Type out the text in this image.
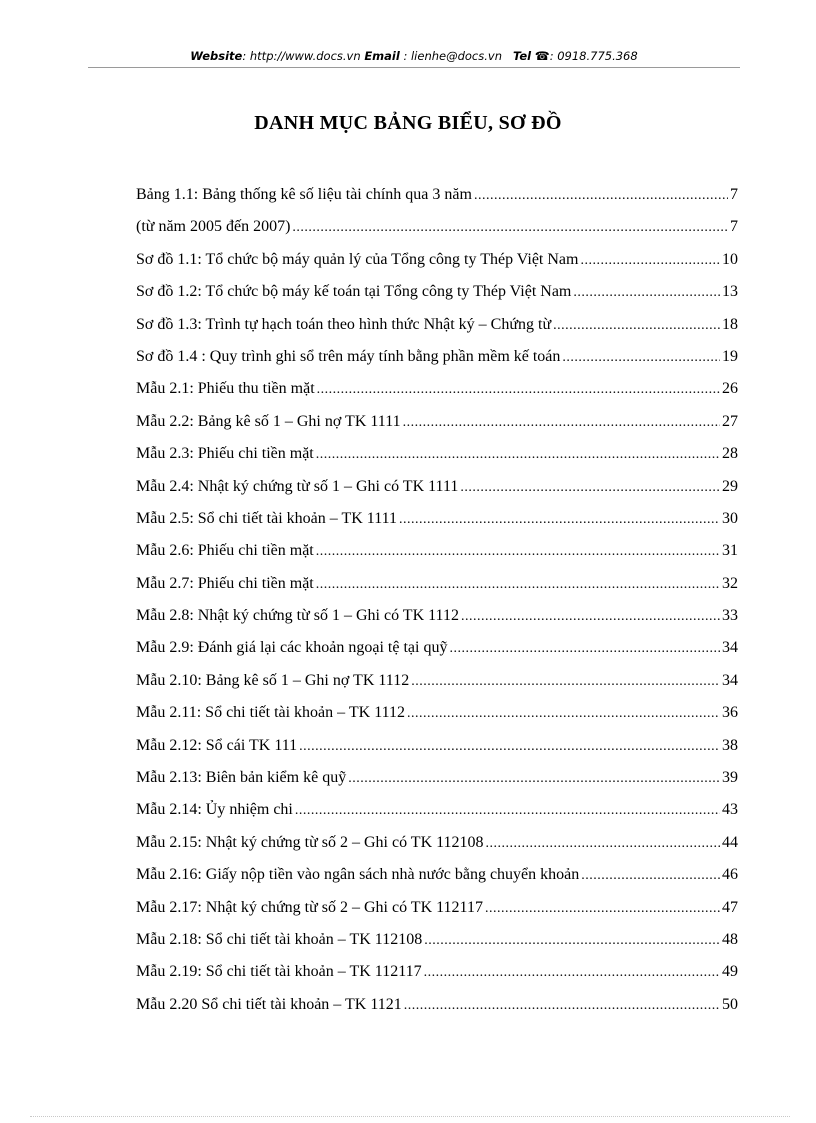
Website: http://www.docs.vn Email : lienhe@docs.vn Tel ☎: 0918.775.368
DANH MỤC BẢNG BIỂU, SƠ ĐỒ
Bảng 1.1: Bảng thống kê số liệu tài chính qua 3 năm .....	7
(từ năm 2005 đến 2007) .....	7
Sơ đồ 1.1: Tổ chức bộ máy quản lý của Tổng công ty Thép Việt Nam .....	10
Sơ đồ 1.2: Tổ chức bộ máy kế toán tại Tổng công ty Thép Việt Nam .....	13
Sơ đồ 1.3: Trình tự hạch toán theo hình thức Nhật ký – Chứng từ .....	18
Sơ đồ 1.4 : Quy trình ghi sổ trên máy tính bằng phần mềm kế toán .....	19
Mẫu 2.1: Phiếu thu tiền mặt .....	26
Mẫu 2.2: Bảng kê số 1 – Ghi nợ TK 1111 .....	27
Mẫu 2.3: Phiếu chi tiền mặt .....	28
Mẫu 2.4: Nhật ký chứng từ số 1 – Ghi có TK 1111 .....	29
Mẫu 2.5: Sổ chi tiết tài khoản – TK 1111 .....	30
Mẫu 2.6: Phiếu chi tiền mặt .....	31
Mẫu 2.7: Phiếu chi tiền mặt .....	32
Mẫu 2.8: Nhật ký chứng từ số 1 – Ghi có TK 1112 .....	33
Mẫu 2.9: Đánh giá lại các khoản ngoại tệ tại quỹ .....	34
Mẫu 2.10: Bảng kê số 1 – Ghi nợ TK 1112 .....	34
Mẫu 2.11: Sổ chi tiết tài khoản – TK 1112 .....	36
Mẫu 2.12: Sổ cái TK 111 .....	38
Mẫu 2.13: Biên bản kiểm kê quỹ .....	39
Mẫu 2.14: Ủy nhiệm chi .....	43
Mẫu 2.15: Nhật ký chứng từ số 2 – Ghi có TK 112108 .....	44
Mẫu 2.16: Giấy nộp tiền vào ngân sách nhà nước bằng chuyển khoản .....	46
Mẫu 2.17: Nhật ký chứng từ số 2 – Ghi có TK 112117 .....	47
Mẫu 2.18: Sổ chi tiết tài khoản – TK 112108 .....	48
Mẫu 2.19: Sổ chi tiết tài khoản – TK 112117 .....	49
Mẫu 2.20 Sổ chi tiết tài khoản – TK 1121 .....	50
